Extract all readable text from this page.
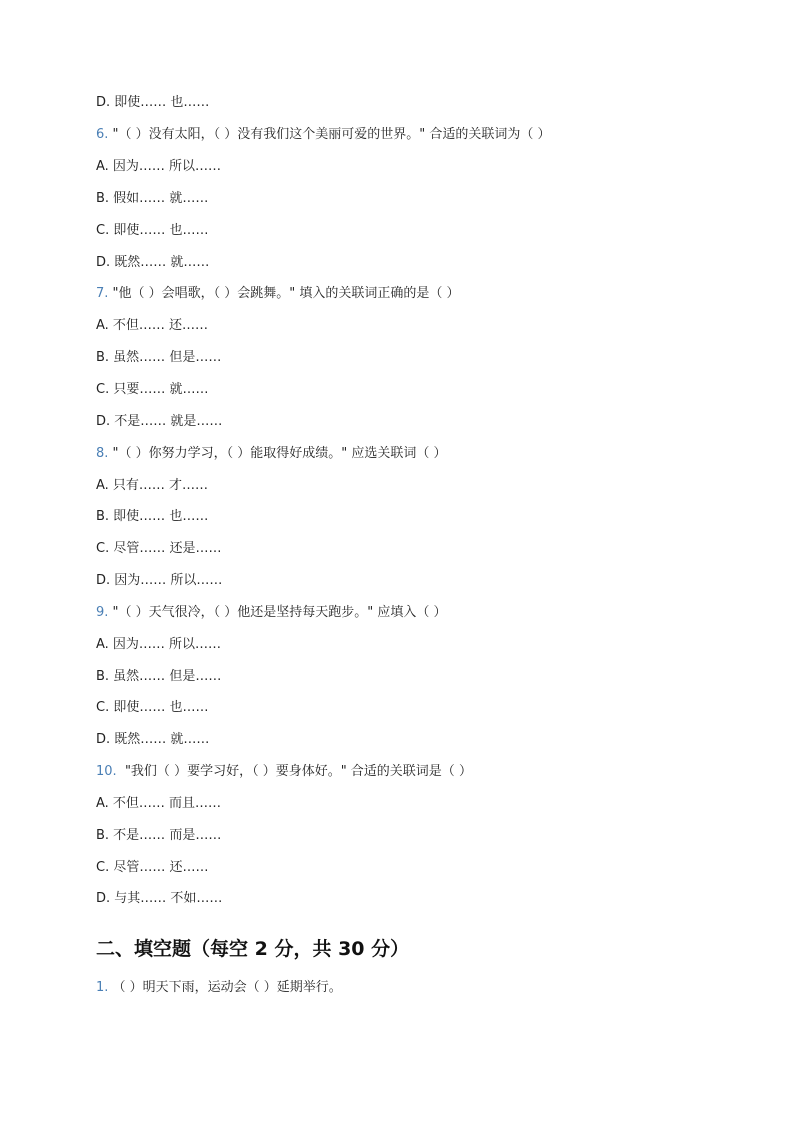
D. 即使…… 也……
6. "（ ）没有太阳，（ ）没有我们这个美丽可爱的世界。" 合适的关联词为（ ）
A. 因为…… 所以……
B. 假如…… 就……
C. 即使…… 也……
D. 既然…… 就……
7. "他（ ）会唱歌，（ ）会跳舞。" 填入的关联词正确的是（ ）
A. 不但…… 还……
B. 虽然…… 但是……
C. 只要…… 就……
D. 不是…… 就是……
8. "（ ）你努力学习，（ ）能取得好成绩。" 应选关联词（ ）
A. 只有…… 才……
B. 即使…… 也……
C. 尽管…… 还是……
D. 因为…… 所以……
9. "（ ）天气很冷，（ ）他还是坚持每天跑步。" 应填入（ ）
A. 因为…… 所以……
B. 虽然…… 但是……
C. 即使…… 也……
D. 既然…… 就……
10.  "我们（ ）要学习好，（ ）要身体好。" 合适的关联词是（ ）
A. 不但…… 而且……
B. 不是…… 而是……
C. 尽管…… 还……
D. 与其…… 不如……
二、填空题（每空 2 分，共 30 分）
1. （ ）明天下雨，运动会（ ）延期举行。
